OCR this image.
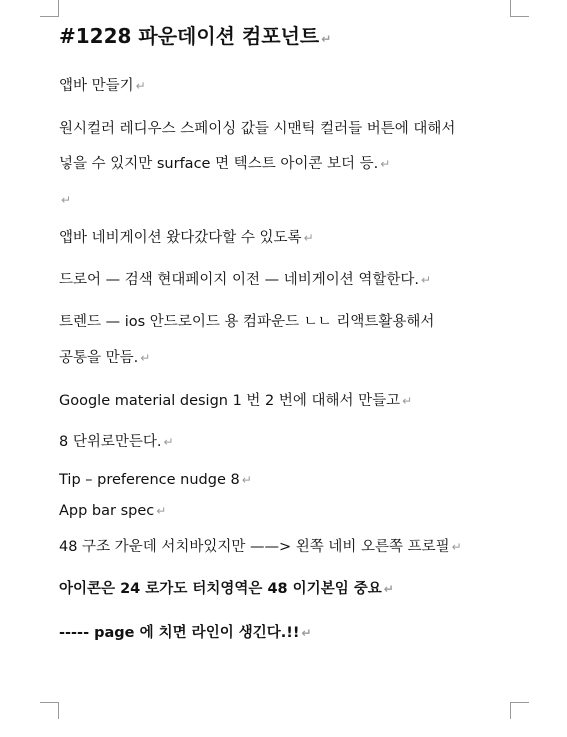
#1228 파운데이션 컴포넌트 ↵
앱바 만들기 ↵
원시컬러 레디우스 스페이싱 값들 시맨틱 컬러들 버튼에 대해서
넣을 수 있지만 surface 면 텍스트 아이콘 보더 등. ↵
↵
앱바 네비게이션 왔다갔다할 수 있도록 ↵
드로어 — 검색 현대페이지 이전 — 네비게이션 역할한다. ↵
트렌드 — ios 안드로이드 용 컴파운드 ㄴㄴ 리액트활용해서
공통을 만듬. ↵
Google material design 1 번 2 번에 대해서 만들고 ↵
8 단위로만든다. ↵
Tip – preference nudge 8 ↵
App bar spec ↵
48 구조 가운데 서치바있지만 ——> 왼쪽 네비 오른쪽 프로필 ↵
아이콘은 24 로가도 터치영역은 48 이기본임 중요 ↵
----- page 에 치면 라인이 생긴다.!! ↵
